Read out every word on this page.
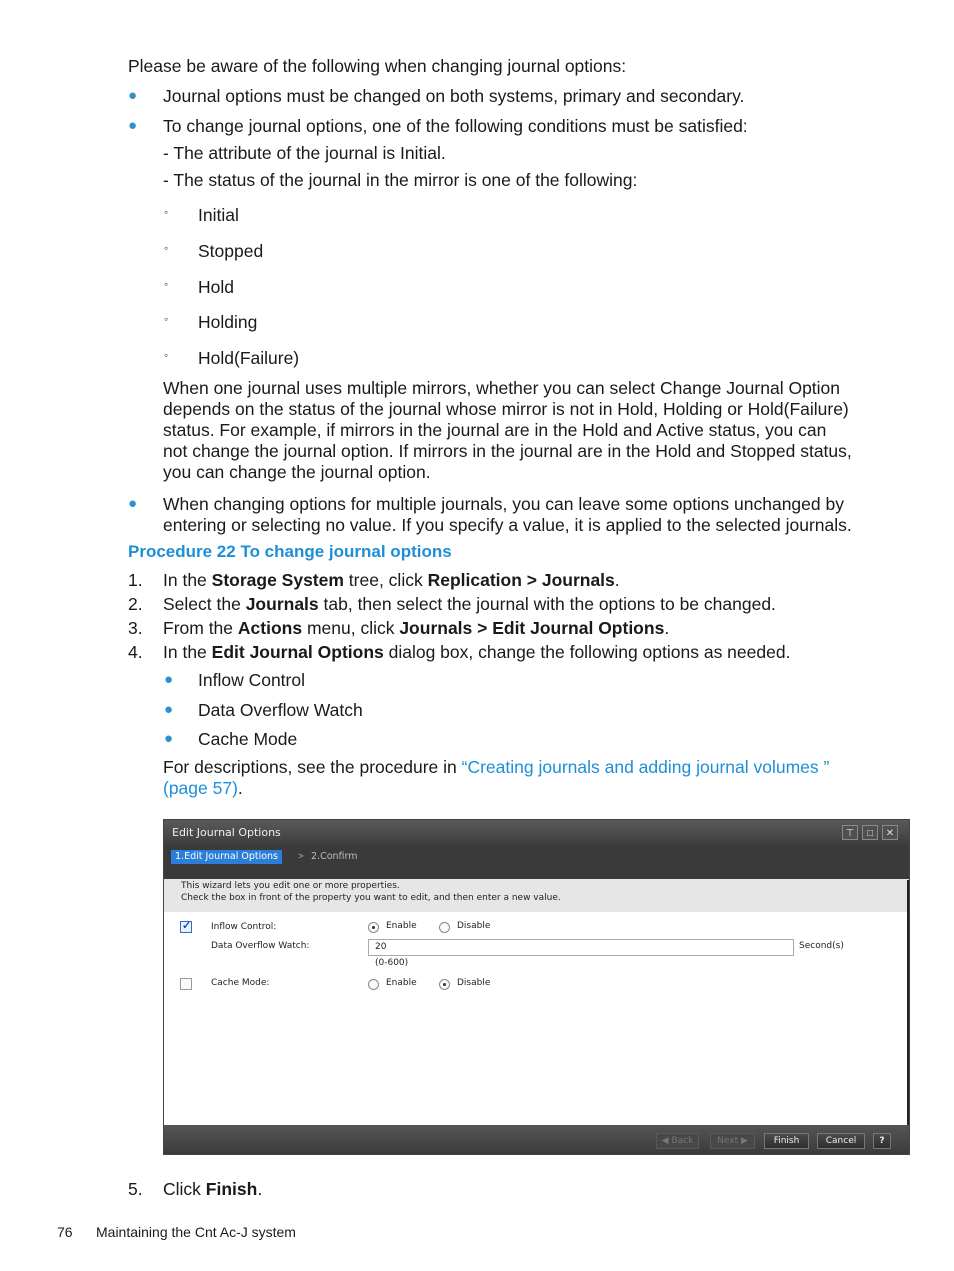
Please be aware of the following when changing journal options:
● Journal options must be changed on both systems, primary and secondary.
● To change journal options, one of the following conditions must be satisfied:
- The attribute of the journal is Initial.
- The status of the journal in the mirror is one of the following:
◦ Initial
◦ Stopped
◦ Hold
◦ Holding
◦ Hold(Failure)
When one journal uses multiple mirrors, whether you can select Change Journal Option depends on the status of the journal whose mirror is not in Hold, Holding or Hold(Failure) status. For example, if mirrors in the journal are in the Hold and Active status, you can not change the journal option. If mirrors in the journal are in the Hold and Stopped status, you can change the journal option.
● When changing options for multiple journals, you can leave some options unchanged by entering or selecting no value. If you specify a value, it is applied to the selected journals.
Procedure 22 To change journal options
1. In the Storage System tree, click Replication > Journals.
2. Select the Journals tab, then select the journal with the options to be changed.
3. From the Actions menu, click Journals > Edit Journal Options.
4. In the Edit Journal Options dialog box, change the following options as needed.
● Inflow Control
● Data Overflow Watch
● Cache Mode
For descriptions, see the procedure in “Creating journals and adding journal volumes ”
(page 57).
Edit Journal Options	⊤	□	✕
1.Edit Journal Options	> 2.Confirm
This wizard lets you edit one or more properties.
Check the box in front of the property you want to edit, and then enter a new value.
✓
Inflow Control:	Enable	Disable
Data Overflow Watch:	20	Second(s)
(0-600)
Cache Mode:	Enable	Disable
◀ Back	Next ▶	Finish	Cancel	?
5. Click Finish.
76 Maintaining the Cnt Ac-J system
